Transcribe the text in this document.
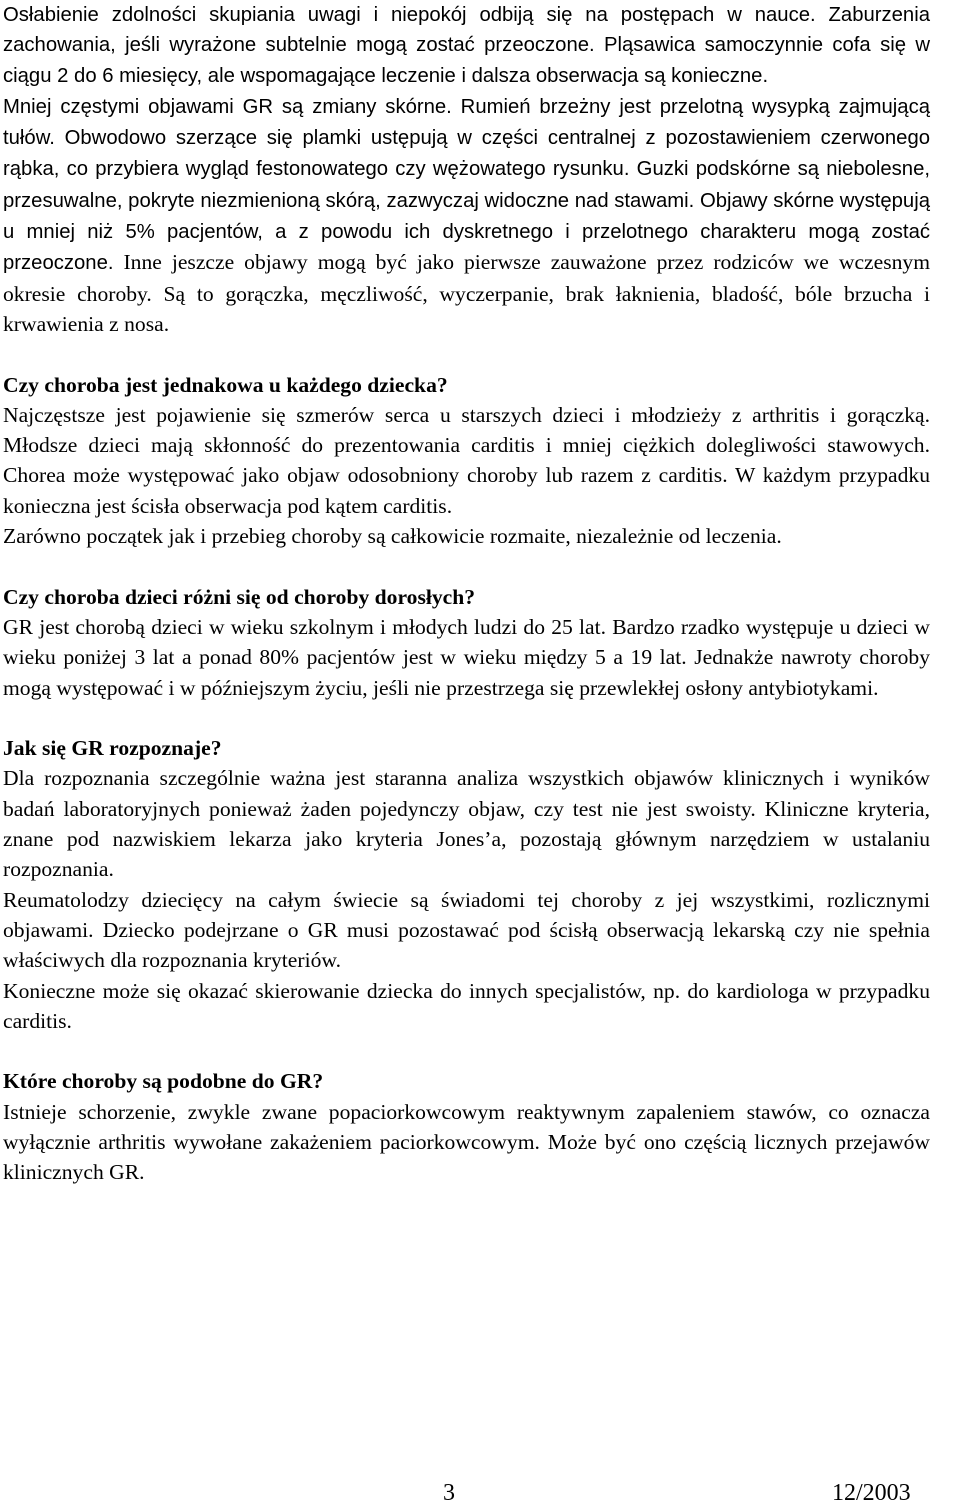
Osłabienie zdolności skupiania uwagi i niepokój odbiją się na postępach w nauce. Zaburzenia zachowania, jeśli wyrażone subtelnie mogą zostać przeoczone. Pląsawica samoczynnie cofa się w ciągu 2 do 6 miesięcy, ale wspomagające leczenie i dalsza obserwacja są konieczne.

Mniej częstymi objawami GR są zmiany skórne. Rumień brzeżny jest przelotną wysypką zajmującą tułów. Obwodowo szerzące się plamki ustępują w części centralnej z pozostawieniem czerwonego rąbka, co przybiera wygląd festonowatego czy wężowatego rysunku. Guzki podskórne są niebolesne, przesuwalne, pokryte niezmienioną skórą, zazwyczaj widoczne nad stawami. Objawy skórne występują u mniej niż 5% pacjentów, a z powodu ich dyskretnego i przelotnego charakteru mogą zostać przeoczone. Inne jeszcze objawy mogą być jako pierwsze zauważone przez rodziców we wczesnym okresie choroby. Są to gorączka, męczliwość, wyczerpanie, brak łaknienia, bladość, bóle brzucha i krwawienia z nosa.

Czy choroba jest jednakowa u każdego dziecka?

Najczęstsze jest pojawienie się szmerów serca u starszych dzieci i młodzieży z arthritis i gorączką. Młodsze dzieci mają skłonność do prezentowania carditis i mniej ciężkich dolegliwości stawowych. Chorea może występować jako objaw odosobniony choroby lub razem z carditis. W każdym przypadku konieczna jest ścisła obserwacja pod kątem carditis.

Zarówno początek jak i przebieg choroby są całkowicie rozmaite, niezależnie od leczenia.

Czy choroba dzieci różni się od choroby dorosłych?

GR jest chorobą dzieci w wieku szkolnym i młodych ludzi do 25 lat. Bardzo rzadko występuje u dzieci w wieku poniżej 3 lat a ponad 80% pacjentów jest w wieku między 5 a 19 lat. Jednakże nawroty choroby mogą występować i w późniejszym życiu, jeśli nie przestrzega się przewlekłej osłony antybiotykami.

Jak się GR rozpoznaje?

Dla rozpoznania szczególnie ważna jest staranna analiza wszystkich objawów klinicznych i wyników badań laboratoryjnych ponieważ żaden pojedynczy objaw, czy test nie jest swoisty. Kliniczne kryteria, znane pod nazwiskiem lekarza jako kryteria Jones’a, pozostają głównym narzędziem w ustalaniu rozpoznania.

Reumatolodzy dziecięcy na całym świecie są świadomi tej choroby z jej wszystkimi, rozlicznymi objawami. Dziecko podejrzane o GR musi pozostawać pod ścisłą obserwacją lekarską czy nie spełnia właściwych dla rozpoznania kryteriów.

Konieczne może się okazać skierowanie dziecka do innych specjalistów, np. do kardiologa w przypadku carditis.

Które choroby są podobne do GR?

Istnieje schorzenie, zwykle zwane popaciorkowcowym reaktywnym zapaleniem stawów, co oznacza wyłącznie arthritis wywołane zakażeniem paciorkowcowym. Może być ono częścią licznych przejawów klinicznych GR.

3	12/2003
